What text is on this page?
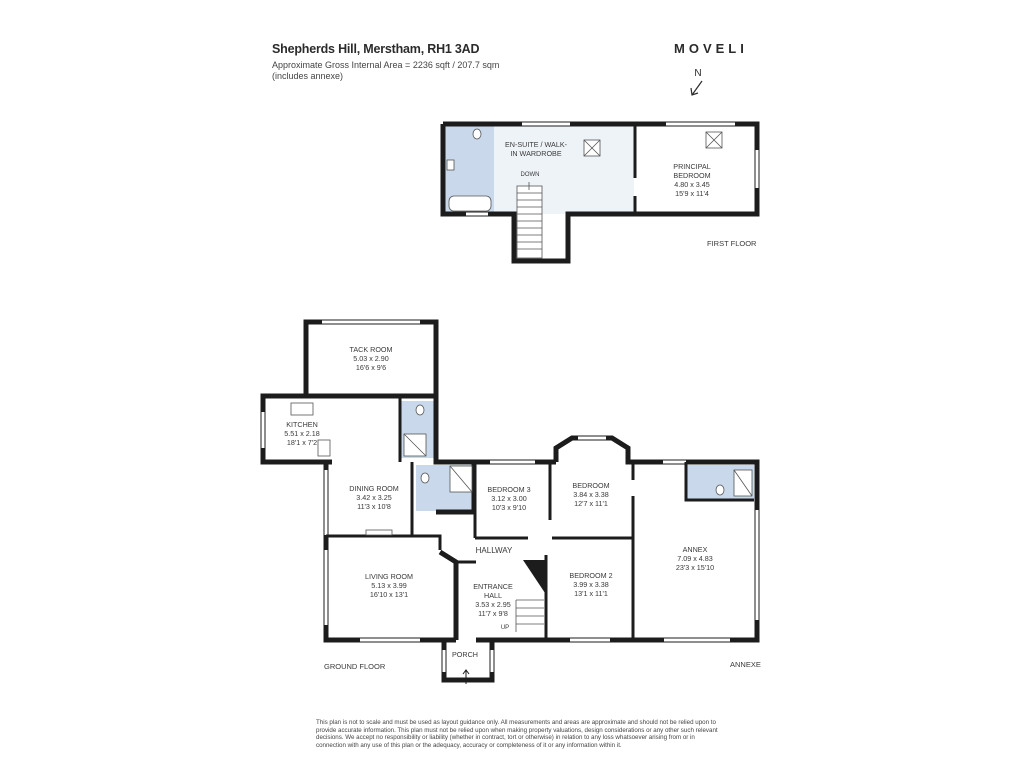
Shepherds Hill, Merstham, RH1 3AD
Approximate Gross Internal Area = 2236 sqft / 207.7 sqm
(includes annexe)
MOVELI
N
EN-SUITE / WALK-
IN WARDROBE
DOWN
PRINCIPAL
BEDROOM
4.80 x 3.45
15'9 x 11'4
FIRST FLOOR
TACK ROOM
5.03 x 2.90
16'6 x 9'6
KITCHEN
5.51 x 2.18
18'1 x 7'2
DINING ROOM
3.42 x 3.25
11'3 x 10'8
BEDROOM 3
3.12 x 3.00
10'3 x 9'10
BEDROOM
3.84 x 3.38
12'7 x 11'1
HALLWAY	ANNEX
7.09 x 4.83
23'3 x 15'10
LIVING ROOM
5.13 x 3.99
16'10 x 13'1
ENTRANCE
HALL
3.53 x 2.95
11'7 x 9'8
BEDROOM 2
3.99 x 3.38
13'1 x 11'1
UP
PORCH
GROUND FLOOR	ANNEXE
This plan is not to scale and must be used as layout guidance only. All measurements and areas are approximate and should not be relied upon to provide accurate information. This plan must not be relied upon when making property valuations, design considerations or any other such relevant decisions. We accept no responsibility or liability (whether in contract, tort or otherwise) in relation to any loss whatsoever arising from or in connection with any use of this plan or the adequacy, accuracy or completeness of it or any information within it.
